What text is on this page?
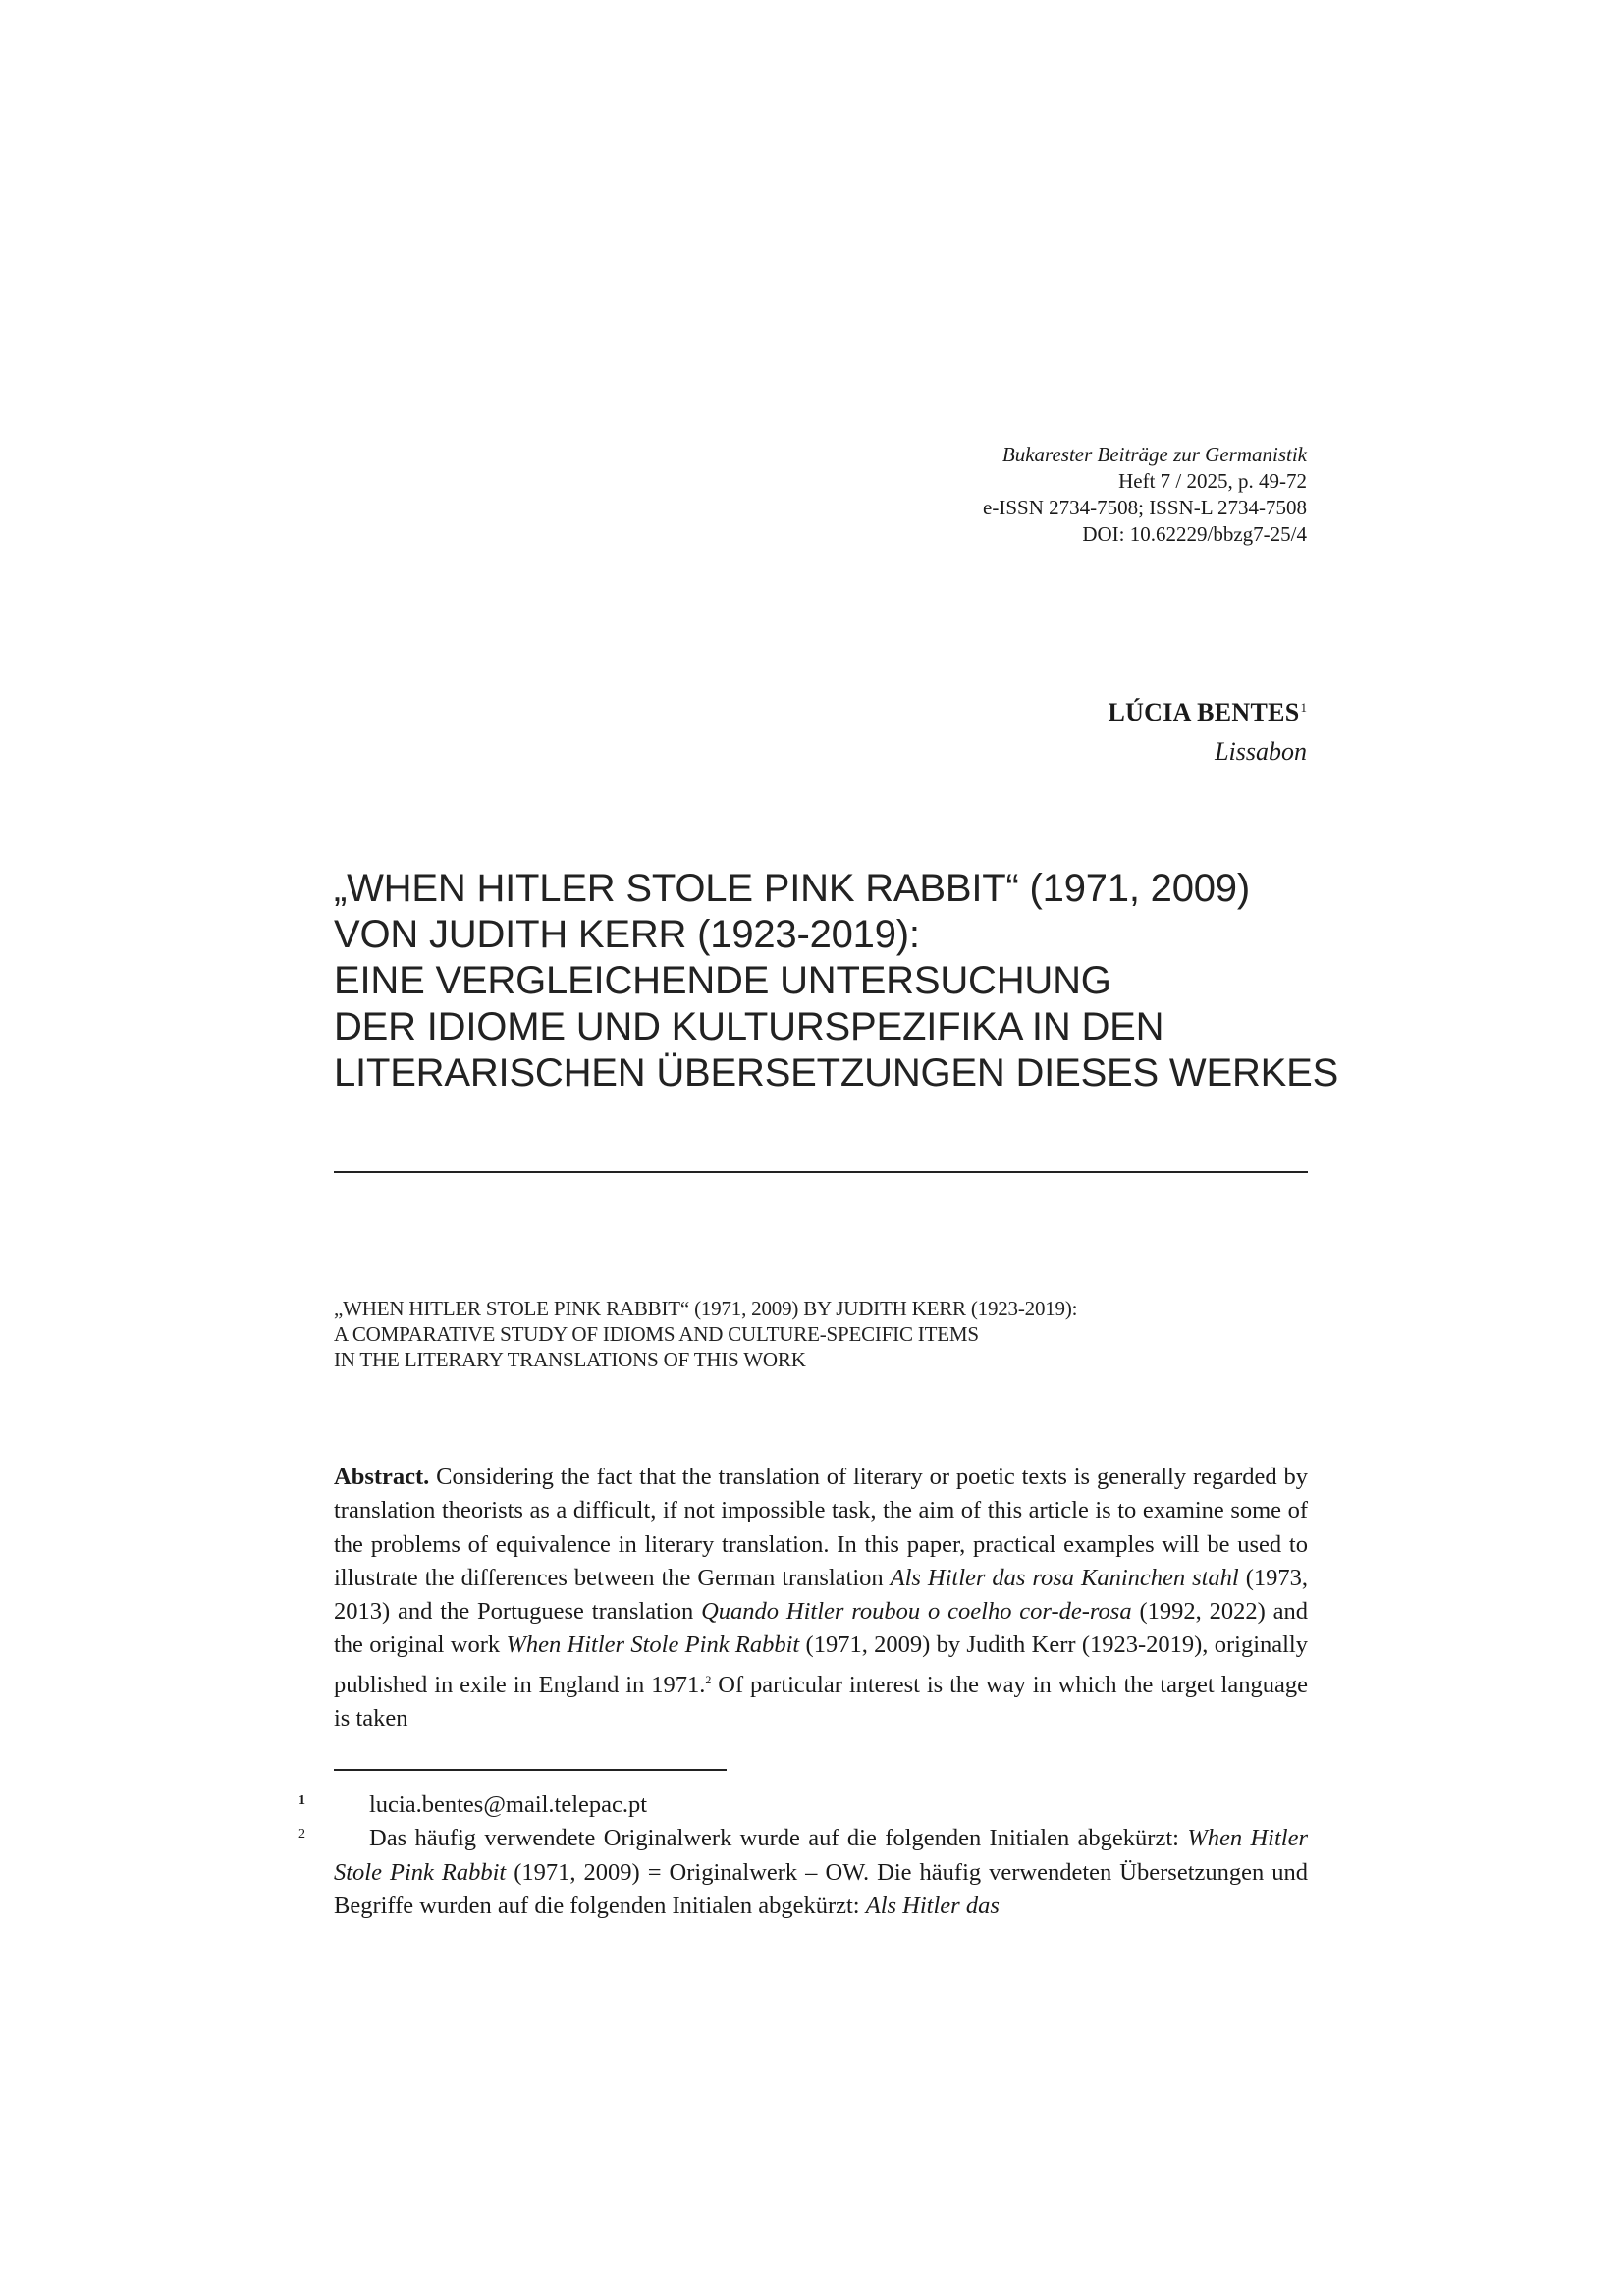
Bukarester Beiträge zur Germanistik
Heft 7 / 2025, p. 49-72
e-ISSN 2734-7508; ISSN-L 2734-7508
DOI: 10.62229/bbzg7-25/4
LÚCIA BENTES$^1$
Lissabon
„WHEN HITLER STOLE PINK RABBIT“ (1971, 2009)
VON JUDITH KERR (1923-2019):
EINE VERGLEICHENDE UNTERSUCHUNG
DER IDIOME UND KULTURSPEZIFIKA IN DEN
LITERARISCHEN ÜBERSETZUNGEN DIESES WERKES
„WHEN HITLER STOLE PINK RABBIT“ (1971, 2009) BY JUDITH KERR (1923-2019):
A COMPARATIVE STUDY OF IDIOMS AND CULTURE-SPECIFIC ITEMS
IN THE LITERARY TRANSLATIONS OF THIS WORK
Abstract. Considering the fact that the translation of literary or poetic texts is generally regarded by translation theorists as a difficult, if not impossible task, the aim of this article is to examine some of the problems of equivalence in literary translation. In this paper, practical examples will be used to illustrate the differences between the German translation Als Hitler das rosa Kaninchen stahl (1973, 2013) and the Portuguese translation Quando Hitler roubou o coelho cor-de-rosa (1992, 2022) and the original work When Hitler Stole Pink Rabbit (1971, 2009) by Judith Kerr (1923-2019), originally published in exile in England in 1971.$^2$ Of particular interest is the way in which the target language is taken
1	lucia.bentes@mail.telepac.pt
2	Das häufig verwendete Originalwerk wurde auf die folgenden Initialen abgekürzt: When Hitler Stole Pink Rabbit (1971, 2009) = Originalwerk – OW. Die häufig verwendeten Übersetzungen und Begriffe wurden auf die folgenden Initialen abgekürzt: Als Hitler das
